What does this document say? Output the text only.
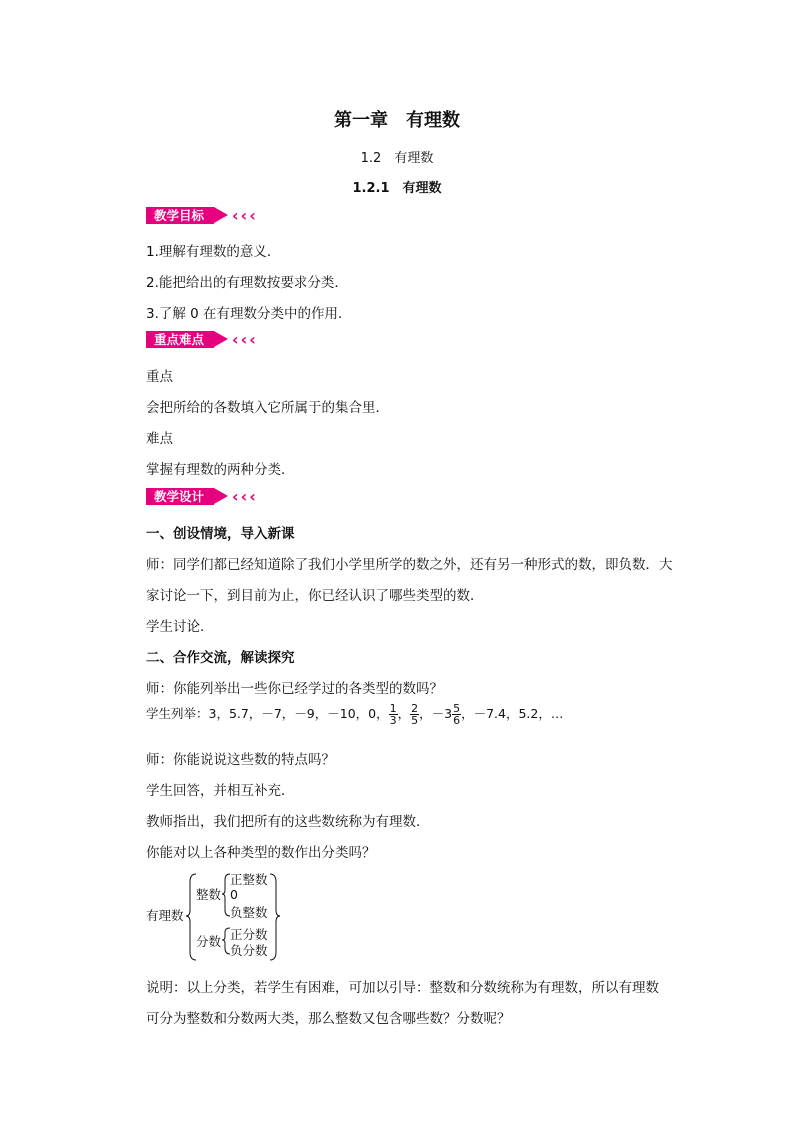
第一章　有理数
1.2　有理数
1.2.1　有理数
教学目标	‹‹‹
1.理解有理数的意义．
2.能把给出的有理数按要求分类．
3.了解 0 在有理数分类中的作用．
重点难点	‹‹‹
重点
会把所给的各数填入它所属于的集合里．
难点
掌握有理数的两种分类．
教学设计	‹‹‹
一、创设情境，导入新课
师：同学们都已经知道除了我们小学里所学的数之外，还有另一种形式的数，即负数．大
家讨论一下，到目前为止，你已经认识了哪些类型的数．
学生讨论．
二、合作交流，解读探究
师：你能列举出一些你已经学过的各类型的数吗？
学生列举：3，5.7，－7，－9，－10，0， $\frac{1}{3}$ ， $\frac{2}{5}$ ，$-3 \frac{5}{6}$ ，－7.4，5.2，…
师：你能说说这些数的特点吗？
学生回答，并相互补充．
教师指出，我们把所有的这些数统称为有理数．
你能对以上各种类型的数作出分类吗？
有理数
整数
正整数
0
负整数
分数 正分数
负分数
说明：以上分类，若学生有困难，可加以引导：整数和分数统称为有理数，所以有理数
可分为整数和分数两大类，那么整数又包含哪些数？分数呢？
